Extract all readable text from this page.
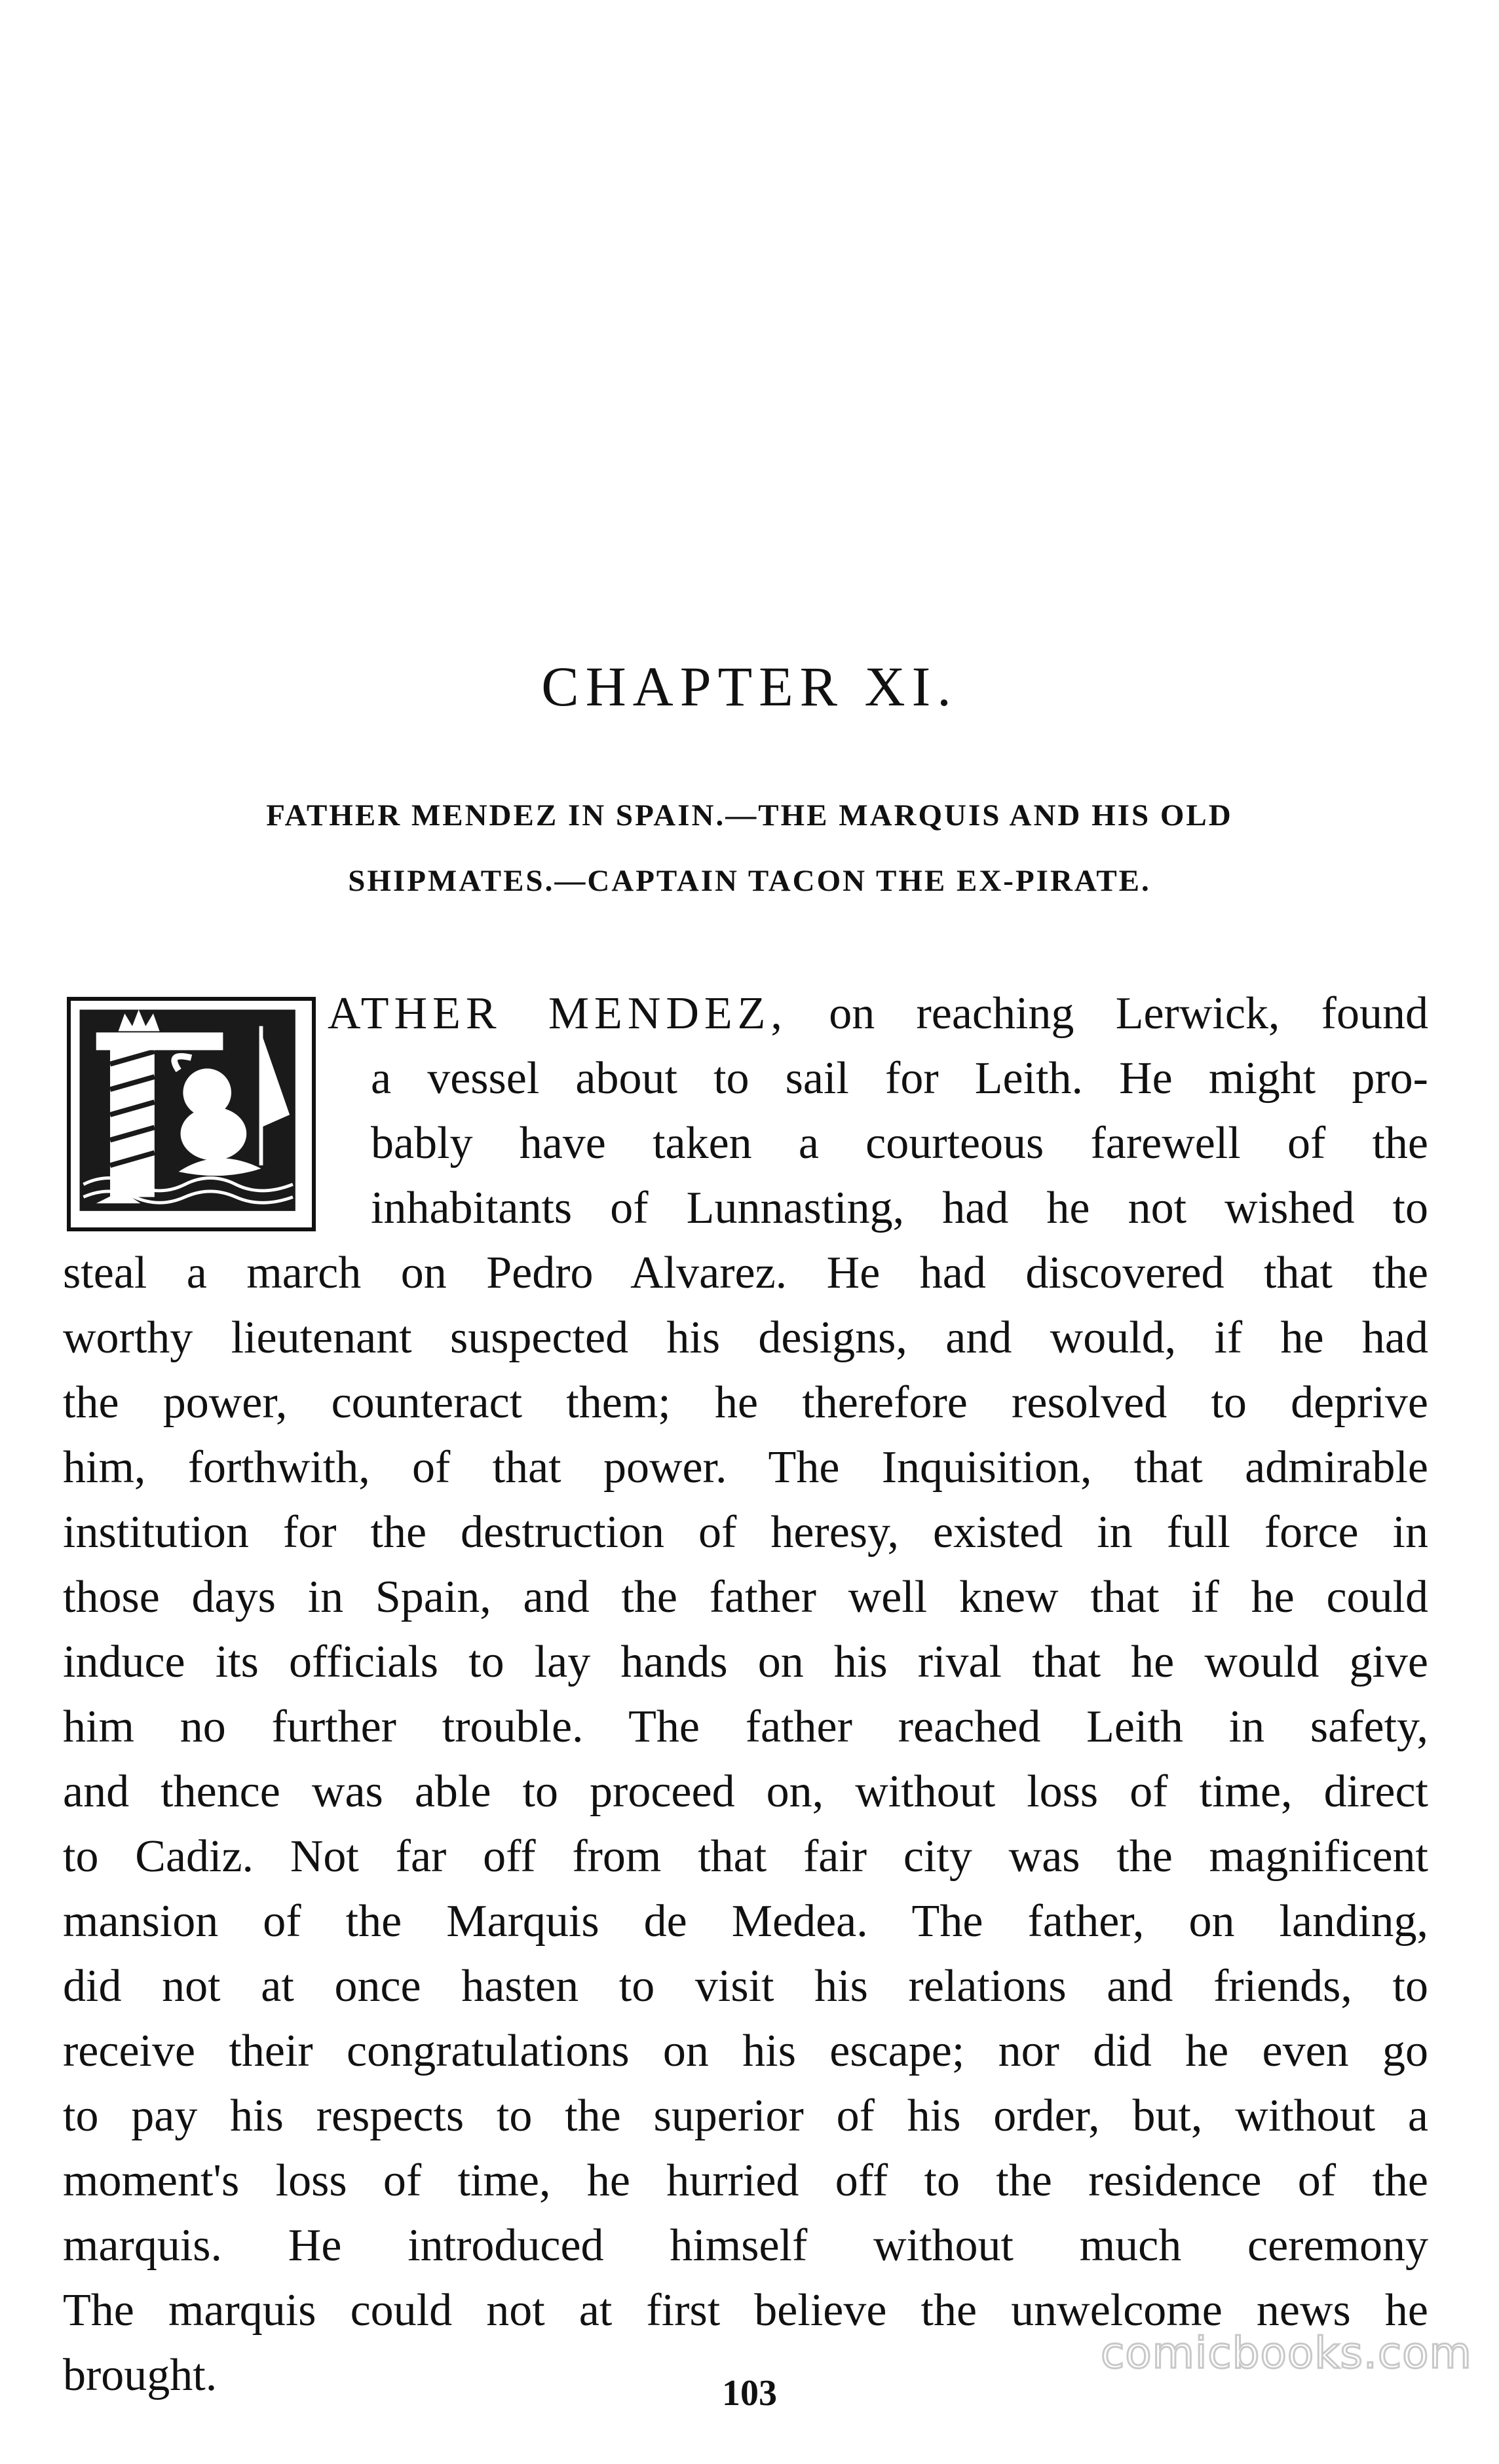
CHAPTER XI.
FATHER MENDEZ IN SPAIN.—THE MARQUIS AND HIS OLD
SHIPMATES.—CAPTAIN TACON THE EX-PIRATE.
ATHER MENDEZ, on reaching Lerwick, found
a vessel about to sail for Leith. He might pro-
bably have taken a courteous farewell of the
inhabitants of Lunnasting, had he not wished to
steal a march on Pedro Alvarez. He had discovered that the
worthy lieutenant suspected his designs, and would, if he had
the power, counteract them; he therefore resolved to deprive
him, forthwith, of that power. The Inquisition, that admirable
institution for the destruction of heresy, existed in full force in
those days in Spain, and the father well knew that if he could
induce its officials to lay hands on his rival that he would give
him no further trouble. The father reached Leith in safety,
and thence was able to proceed on, without loss of time, direct
to Cadiz. Not far off from that fair city was the magnificent
mansion of the Marquis de Medea. The father, on landing,
did not at once hasten to visit his relations and friends, to
receive their congratulations on his escape; nor did he even go
to pay his respects to the superior of his order, but, without a
moment's loss of time, he hurried off to the residence of the
marquis. He introduced himself without much ceremony
The marquis could not at first believe the unwelcome news he
brought.	103
comicbooks.com
